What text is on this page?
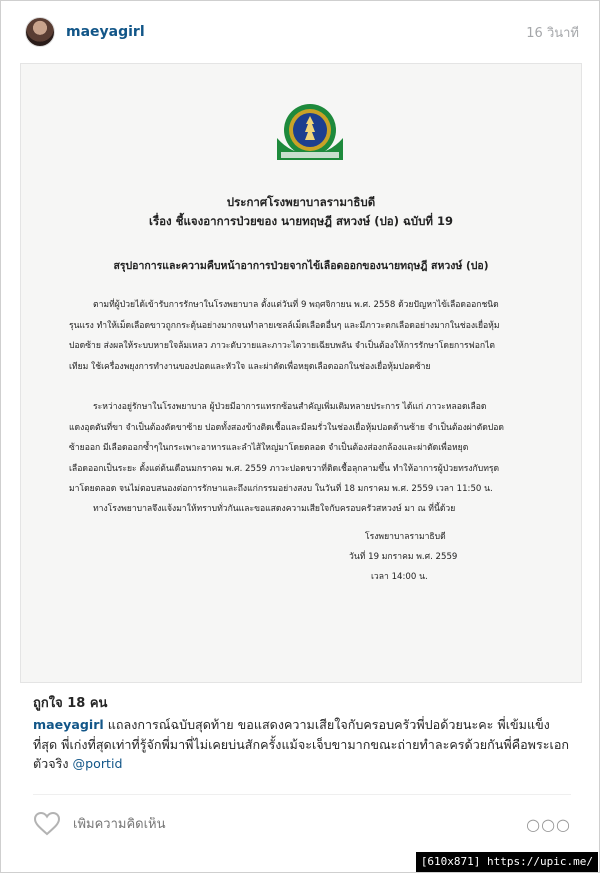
maeyagirl	16 วินาที
ประกาศโรงพยาบาลรามาธิบดี
เรื่อง ชี้แจงอาการป่วยของ นายทฤษฎี สหวงษ์ (ปอ) ฉบับที่ 19
สรุปอาการและความคืบหน้าอาการป่วยจากไข้เลือดออกของนายทฤษฎี สหวงษ์ (ปอ)
ตามที่ผู้ป่วยได้เข้ารับการรักษาในโรงพยาบาล ตั้งแต่วันที่ 9 พฤศจิกายน พ.ศ. 2558 ด้วยปัญหาไข้เลือดออกชนิด
รุนแรง ทำให้เม็ดเลือดขาวถูกกระตุ้นอย่างมากจนทำลายเซลล์เม็ดเลือดอื่นๆ และมีภาวะตกเลือดอย่างมากในช่องเยื่อหุ้ม
ปอดซ้าย ส่งผลให้ระบบหายใจล้มเหลว ภาวะตับวายและภาวะไตวายเฉียบพลัน จำเป็นต้องให้การรักษาโดยการฟอกไต
เทียม ใช้เครื่องพยุงการทำงานของปอดและหัวใจ และผ่าตัดเพื่อหยุดเลือดออกในช่องเยื่อหุ้มปอดซ้าย
ระหว่างอยู่รักษาในโรงพยาบาล ผู้ป่วยมีอาการแทรกซ้อนสำคัญเพิ่มเติมหลายประการ ได้แก่ ภาวะหลอดเลือด
แดงอุดตันที่ขา จำเป็นต้องตัดขาซ้าย ปอดทั้งสองข้างติดเชื้อและมีลมรั่วในช่องเยื่อหุ้มปอดด้านซ้าย จำเป็นต้องผ่าตัดปอด
ซ้ายออก มีเลือดออกซ้ำๆในกระเพาะอาหารและลำไส้ใหญ่มาโดยตลอด จำเป็นต้องส่องกล้องและผ่าตัดเพื่อหยุด
เลือดออกเป็นระยะ ตั้งแต่ต้นเดือนมกราคม พ.ศ. 2559 ภาวะปอดขวาที่ติดเชื้อลุกลามขึ้น ทำให้อาการผู้ป่วยทรงกับทรุด
มาโดยตลอด จนไม่ตอบสนองต่อการรักษาและถึงแก่กรรมอย่างสงบ ในวันที่ 18 มกราคม พ.ศ. 2559 เวลา 11:50 น.
ทางโรงพยาบาลจึงแจ้งมาให้ทราบทั่วกันและขอแสดงความเสียใจกับครอบครัวสหวงษ์ มา ณ ที่นี้ด้วย
โรงพยาบาลรามาธิบดี
วันที่ 19 มกราคม พ.ศ. 2559
เวลา 14:00 น.
ถูกใจ 18 คน
maeyagirl แถลงการณ์ฉบับสุดท้าย ขอแสดงความเสียใจกับครอบครัวพี่ปอด้วยนะคะ พี่เข้มแข็งที่สุด พี่เก่งที่สุดเท่าที่รู้จักพี่มาพี่ไม่เคยบ่นสักครั้งแม้จะเจ็บขามากขณะถ่ายทำละครด้วยกันพี่คือพระเอกตัวจริง @portid
เพิ่มความคิดเห็น
○○○
[610x871] https://upic.me/
